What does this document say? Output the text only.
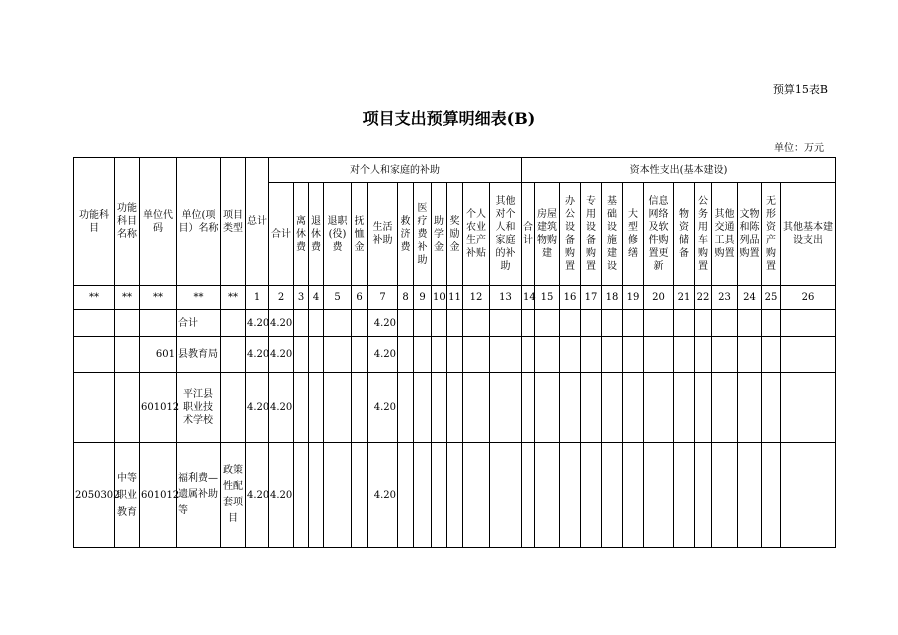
预算15表B
项目支出预算明细表(B)
单位：万元
功能科目	功能科目名称	单位代码	单位(项目）名称	项目类型	总计	对个人和家庭的补助												资本性支出(基本建设)												
						合计	离休费	退休费	退职(役)费	抚恤金	生活补助	救济费	医疗费补助	助学金	奖励金	个人农业生产补贴	其他对个人和家庭的补助	合计	房屋建筑物购建	办公设备购置	专用设备购置	基础设施建设	大型修缮	信息网络及软件购置更新	物资储备	公务用车购置	其他交通工具购置	文物和陈列品购置	无形资产购置	其他基本建设支出
**	**	**	**	**	1	2	3	4	5	6	7	8	9	10	11	12	13	14	15	16	17	18	19	20	21	22	23	24	25	26
			合计		4.20	4.20					4.20																			
		601	县教育局		4.20	4.20					4.20																			
		601012	平江县职业技术学校		4.20	4.20					4.20																			
2050302	中等职业教育	601012	福利费—遗属补助等	政策性配套项目	4.20	4.20					4.20																			
